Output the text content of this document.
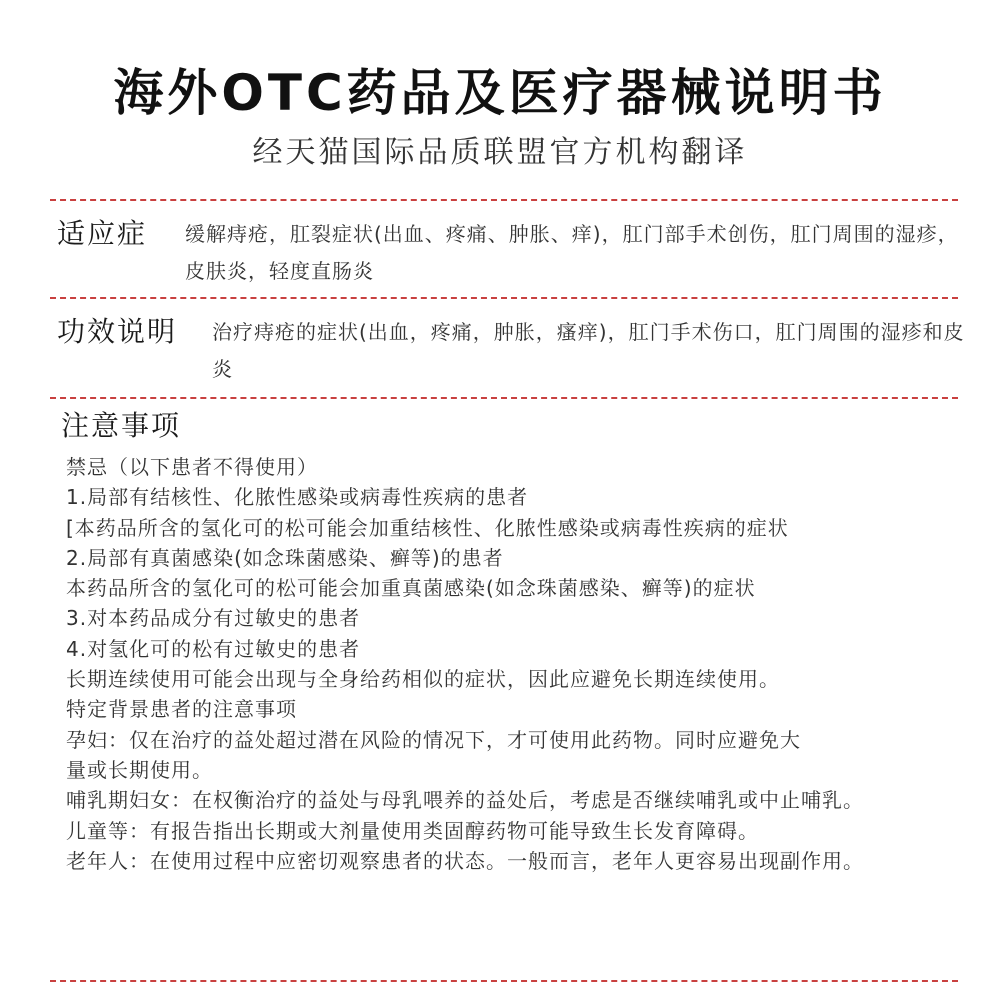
海外OTC药品及医疗器械说明书
经天猫国际品质联盟官方机构翻译
适应症 缓解痔疮，肛裂症状(出血、疼痛、肿胀、痒)，肛门部手术创伤，肛门周围的湿疹，皮肤炎，轻度直肠炎
功效说明 治疗痔疮的症状(出血，疼痛，肿胀，瘙痒)，肛门手术伤口，肛门周围的湿疹和皮炎
注意事项
禁忌（以下患者不得使用）
1.局部有结核性、化脓性感染或病毒性疾病的患者
[本药品所含的氢化可的松可能会加重结核性、化脓性感染或病毒性疾病的症状
2.局部有真菌感染(如念珠菌感染、癣等)的患者
本药品所含的氢化可的松可能会加重真菌感染(如念珠菌感染、癣等)的症状
3.对本药品成分有过敏史的患者
4.对氢化可的松有过敏史的患者
长期连续使用可能会出现与全身给药相似的症状，因此应避免长期连续使用。
特定背景患者的注意事项
孕妇：仅在治疗的益处超过潜在风险的情况下，才可使用此药物。同时应避免大
量或长期使用。
哺乳期妇女：在权衡治疗的益处与母乳喂养的益处后，考虑是否继续哺乳或中止哺乳。
儿童等：有报告指出长期或大剂量使用类固醇药物可能导致生长发育障碍。
老年人：在使用过程中应密切观察患者的状态。一般而言，老年人更容易出现副作用。
